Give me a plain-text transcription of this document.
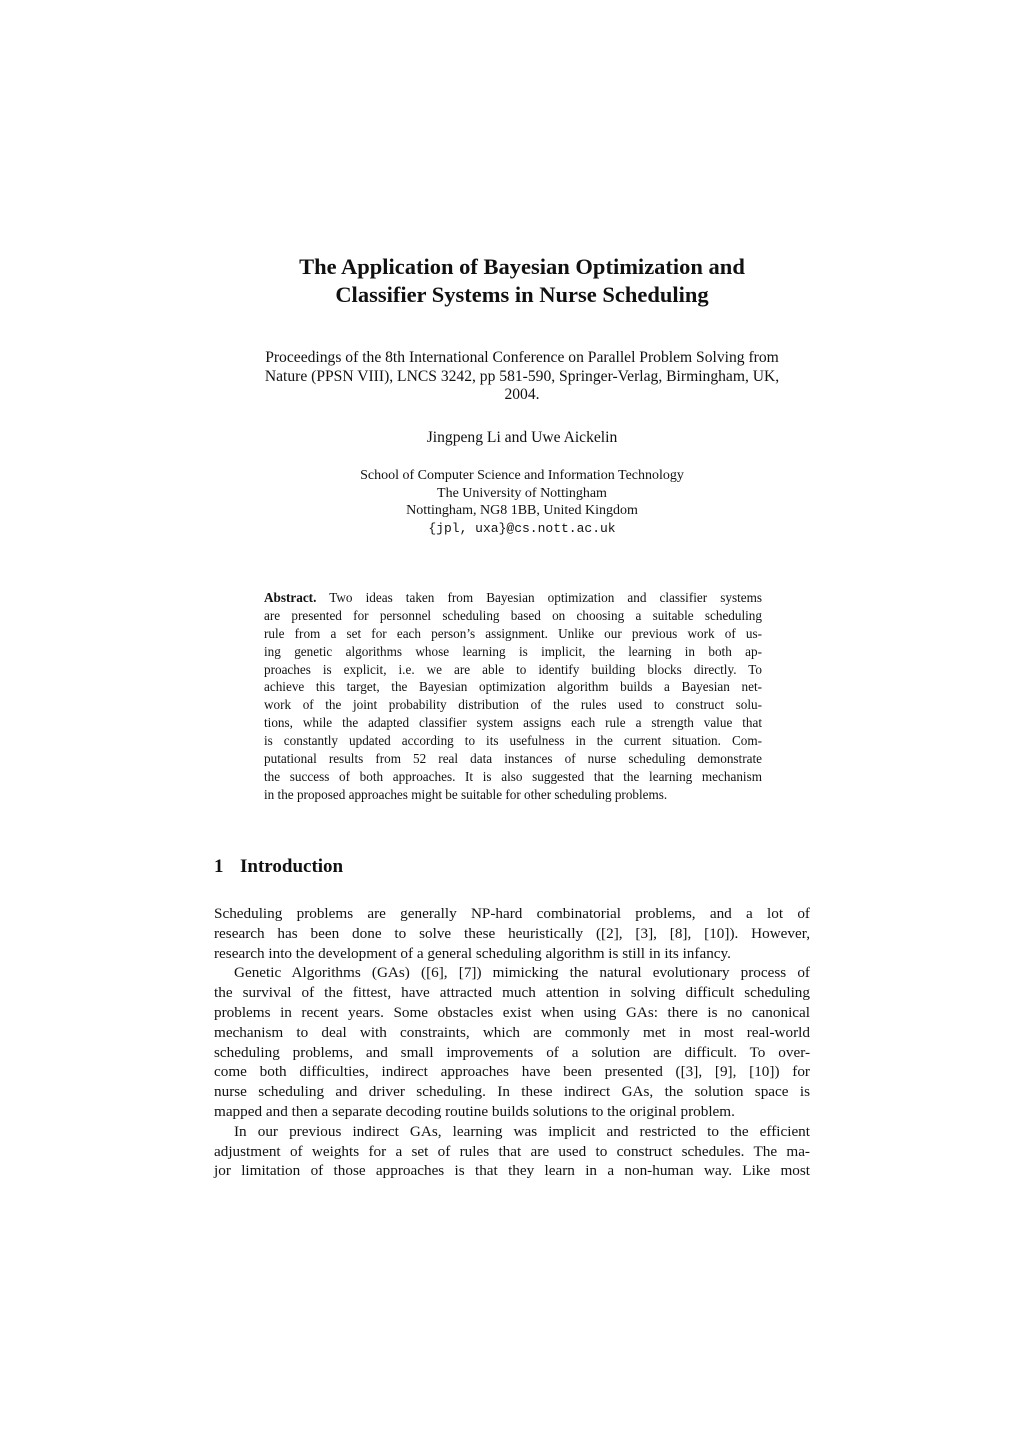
The Application of Bayesian Optimization and
Classifier Systems in Nurse Scheduling

Proceedings of the 8th International Conference on Parallel Problem Solving from
Nature (PPSN VIII), LNCS 3242, pp 581-590, Springer-Verlag, Birmingham, UK,
2004.

Jingpeng Li and Uwe Aickelin

School of Computer Science and Information Technology
The University of Nottingham
Nottingham, NG8 1BB, United Kingdom
{jpl, uxa}@cs.nott.ac.uk

Abstract. Two ideas taken from Bayesian optimization and classifier systems
are presented for personnel scheduling based on choosing a suitable scheduling
rule from a set for each person’s assignment. Unlike our previous work of us-
ing genetic algorithms whose learning is implicit, the learning in both ap-
proaches is explicit, i.e. we are able to identify building blocks directly. To
achieve this target, the Bayesian optimization algorithm builds a Bayesian net-
work of the joint probability distribution of the rules used to construct solu-
tions, while the adapted classifier system assigns each rule a strength value that
is constantly updated according to its usefulness in the current situation. Com-
putational results from 52 real data instances of nurse scheduling demonstrate
the success of both approaches. It is also suggested that the learning mechanism
in the proposed approaches might be suitable for other scheduling problems.
1 Introduction
Scheduling problems are generally NP-hard combinatorial problems, and a lot of
research has been done to solve these heuristically ([2], [3], [8], [10]). However,
research into the development of a general scheduling algorithm is still in its infancy.
Genetic Algorithms (GAs) ([6], [7]) mimicking the natural evolutionary process of
the survival of the fittest, have attracted much attention in solving difficult scheduling
problems in recent years. Some obstacles exist when using GAs: there is no canonical
mechanism to deal with constraints, which are commonly met in most real-world
scheduling problems, and small improvements of a solution are difficult. To over-
come both difficulties, indirect approaches have been presented ([3], [9], [10]) for
nurse scheduling and driver scheduling. In these indirect GAs, the solution space is
mapped and then a separate decoding routine builds solutions to the original problem.
In our previous indirect GAs, learning was implicit and restricted to the efficient
adjustment of weights for a set of rules that are used to construct schedules. The ma-
jor limitation of those approaches is that they learn in a non-human way. Like most
